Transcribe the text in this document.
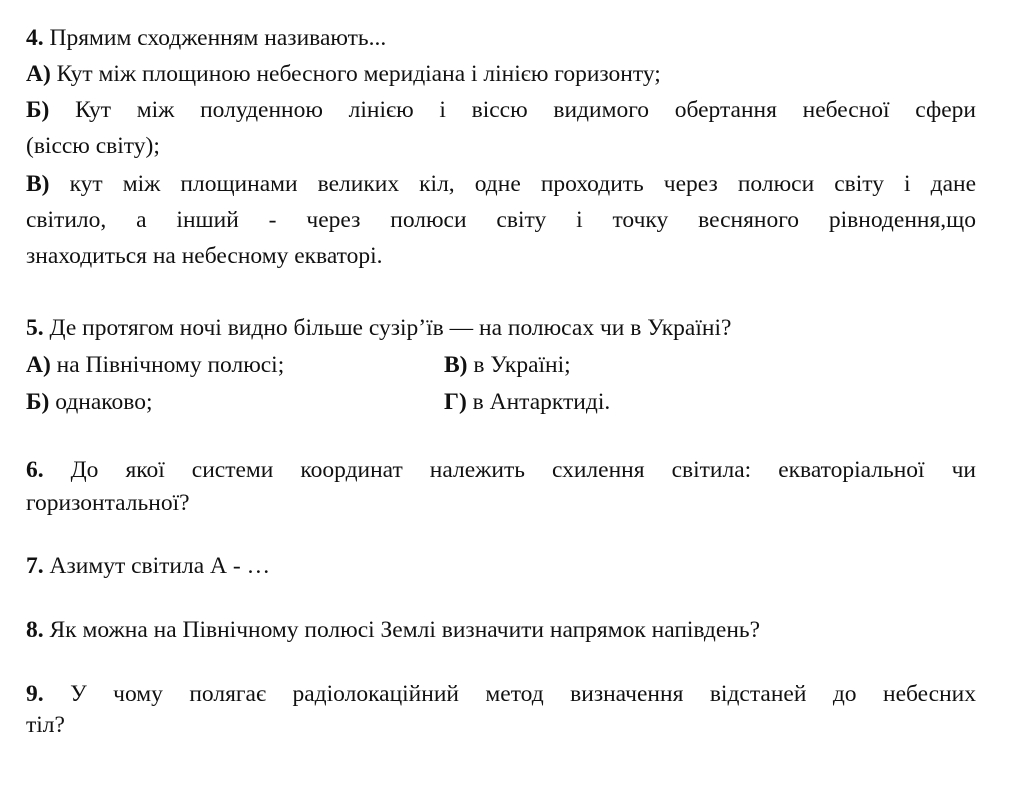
4. Прямим сходженням називають...
А) Кут між площиною небесного меридіана і лінією горизонту;
Б) Кут між полуденною лінією і віссю видимого обертання небесної сфери
(віссю світу);
В) кут між площинами великих кіл, одне проходить через полюси світу і дане
світило, а інший - через полюси світу і точку весняного рівнодення,що
знаходиться на небесному екваторі.
5. Де протягом ночі видно більше сузір’їв — на полюсах чи в Україні?
А) на Північному полюсі;	В) в Україні;
Б) однаково;	Г) в Антарктиді.
6. До якої системи координат належить схилення світила: екваторіальної чи
горизонтальної?
7. Азимут світила А - …
8. Як можна на Північному полюсі Землі визначити напрямок напівдень?
9. У чому полягає радіолокаційний метод визначення відстаней до небесних
тіл?
